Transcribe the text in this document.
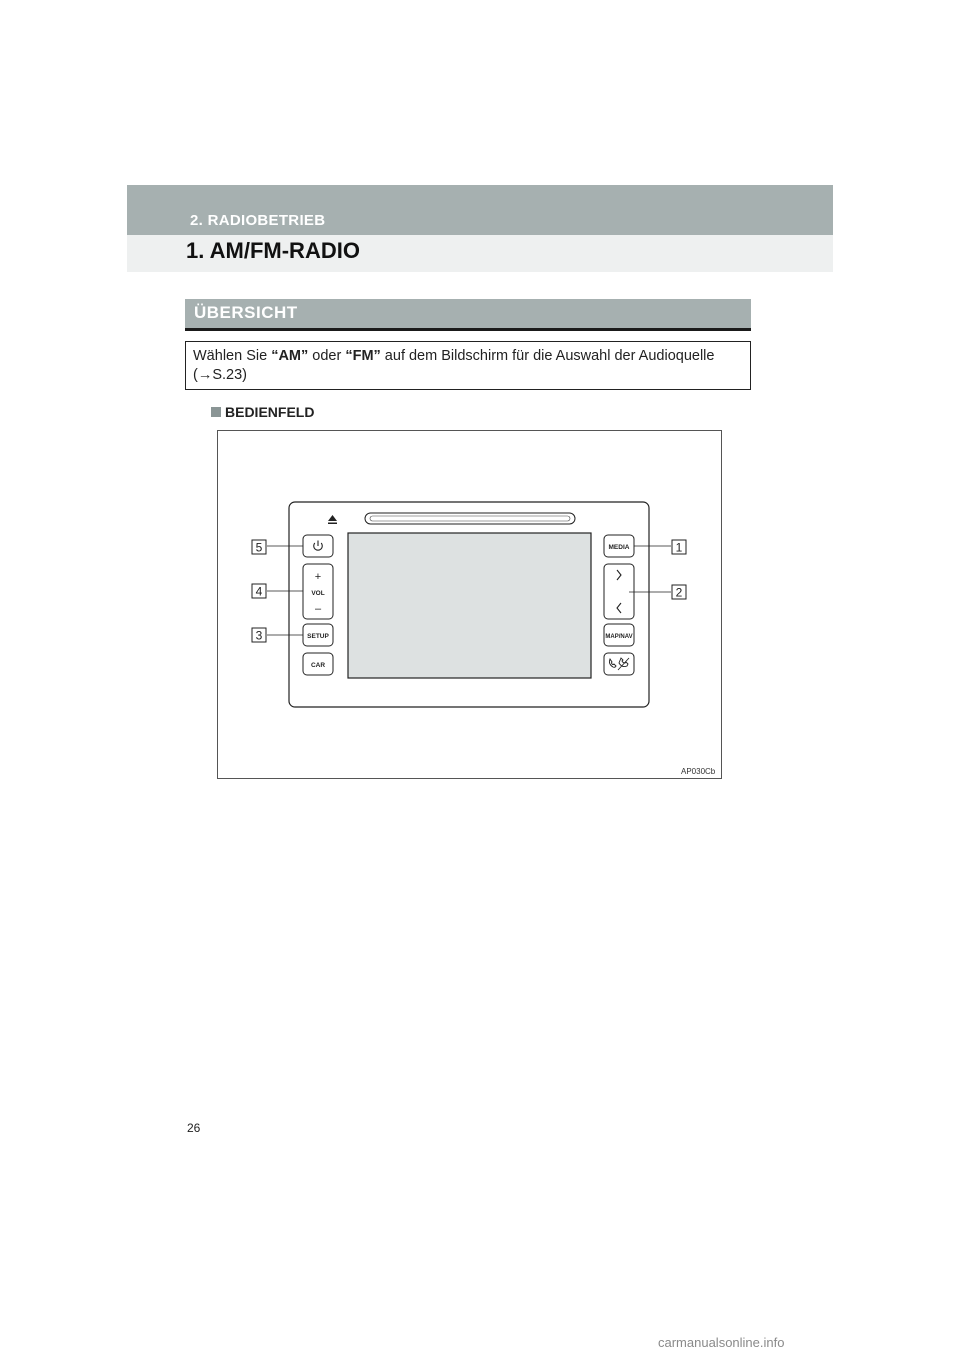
2. RADIOBETRIEB
1. AM/FM-RADIO
ÜBERSICHT
Wählen Sie “AM” oder “FM” auf dem Bildschirm für die Auswahl der Audioquelle
(→S.23)
BEDIENFELD
+
VOL
–
SETUP
CAR
MEDIA
MAP/NAV
5
4
3
1
2
AP030Cb
26
carmanualsonline.info
